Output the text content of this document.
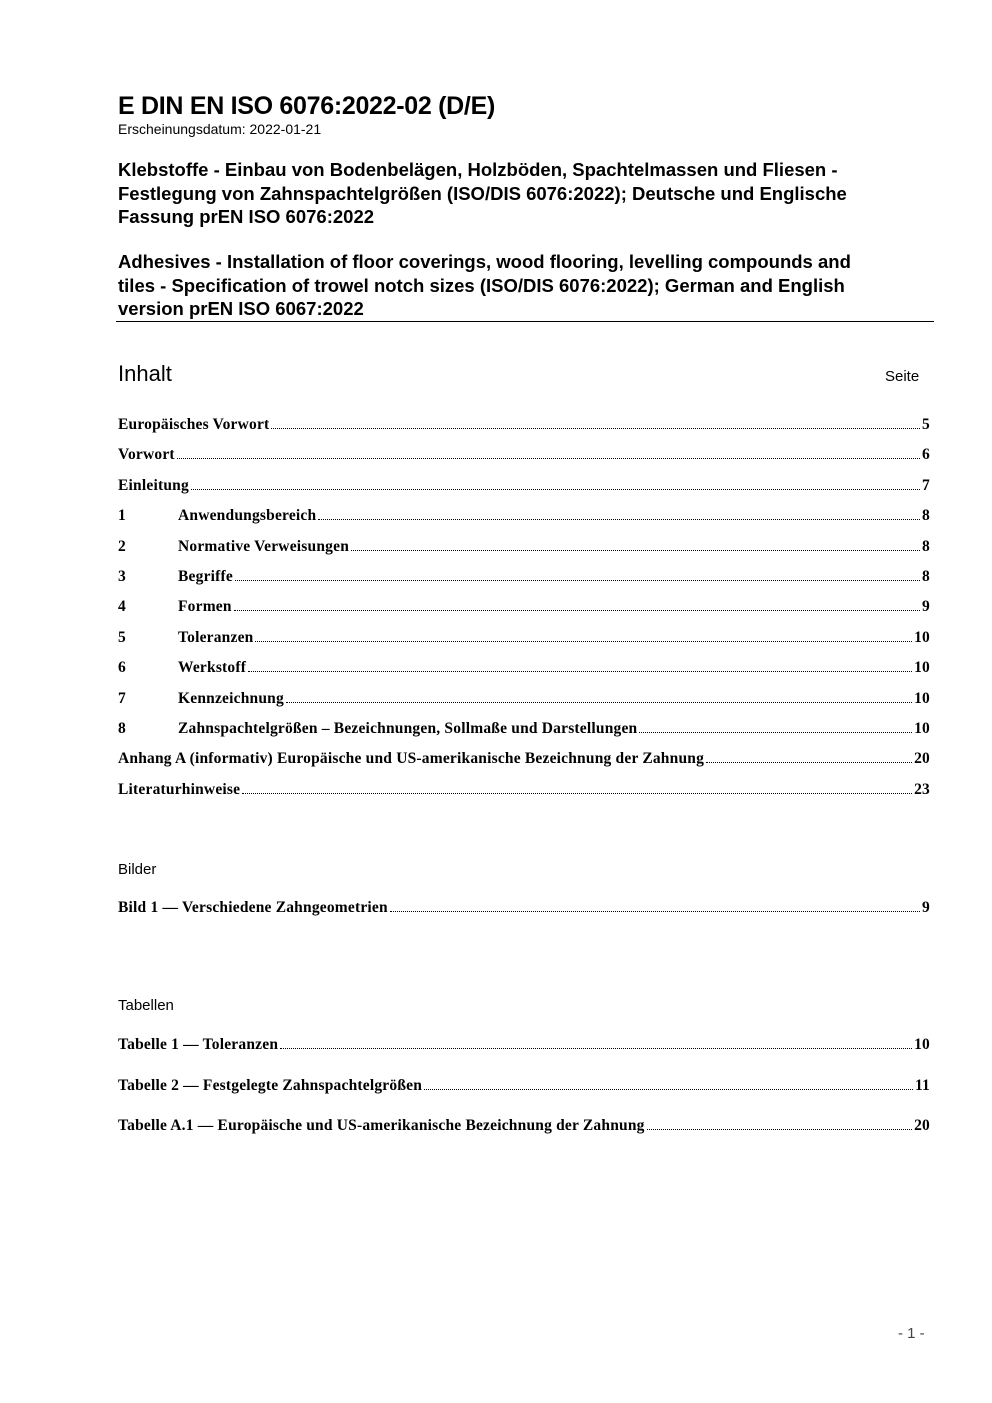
E DIN EN ISO 6076:2022-02 (D/E)
Erscheinungsdatum: 2022-01-21
Klebstoffe - Einbau von Bodenbelägen, Holzböden, Spachtelmassen und Fliesen -
Festlegung von Zahnspachtelgrößen (ISO/DIS 6076:2022); Deutsche und Englische
Fassung prEN ISO 6076:2022
Adhesives - Installation of floor coverings, wood flooring, levelling compounds and
tiles - Specification of trowel notch sizes (ISO/DIS 6076:2022); German and English
version prEN ISO 6067:2022
Inhalt	Seite
Europäisches Vorwort	5
Vorwort	6
Einleitung	7
1	Anwendungsbereich	8
2	Normative Verweisungen	8
3	Begriffe	8
4	Formen	9
5	Toleranzen	10
6	Werkstoff	10
7	Kennzeichnung	10
8	Zahnspachtelgrößen – Bezeichnungen, Sollmaße und Darstellungen	10
Anhang A (informativ) Europäische und US-amerikanische Bezeichnung der Zahnung	20
Literaturhinweise	23
Bilder
Bild 1 — Verschiedene Zahngeometrien	9
Tabellen
Tabelle 1 — Toleranzen	10
Tabelle 2 — Festgelegte Zahnspachtelgrößen	11
Tabelle A.1 — Europäische und US-amerikanische Bezeichnung der Zahnung	20
- 1 -
